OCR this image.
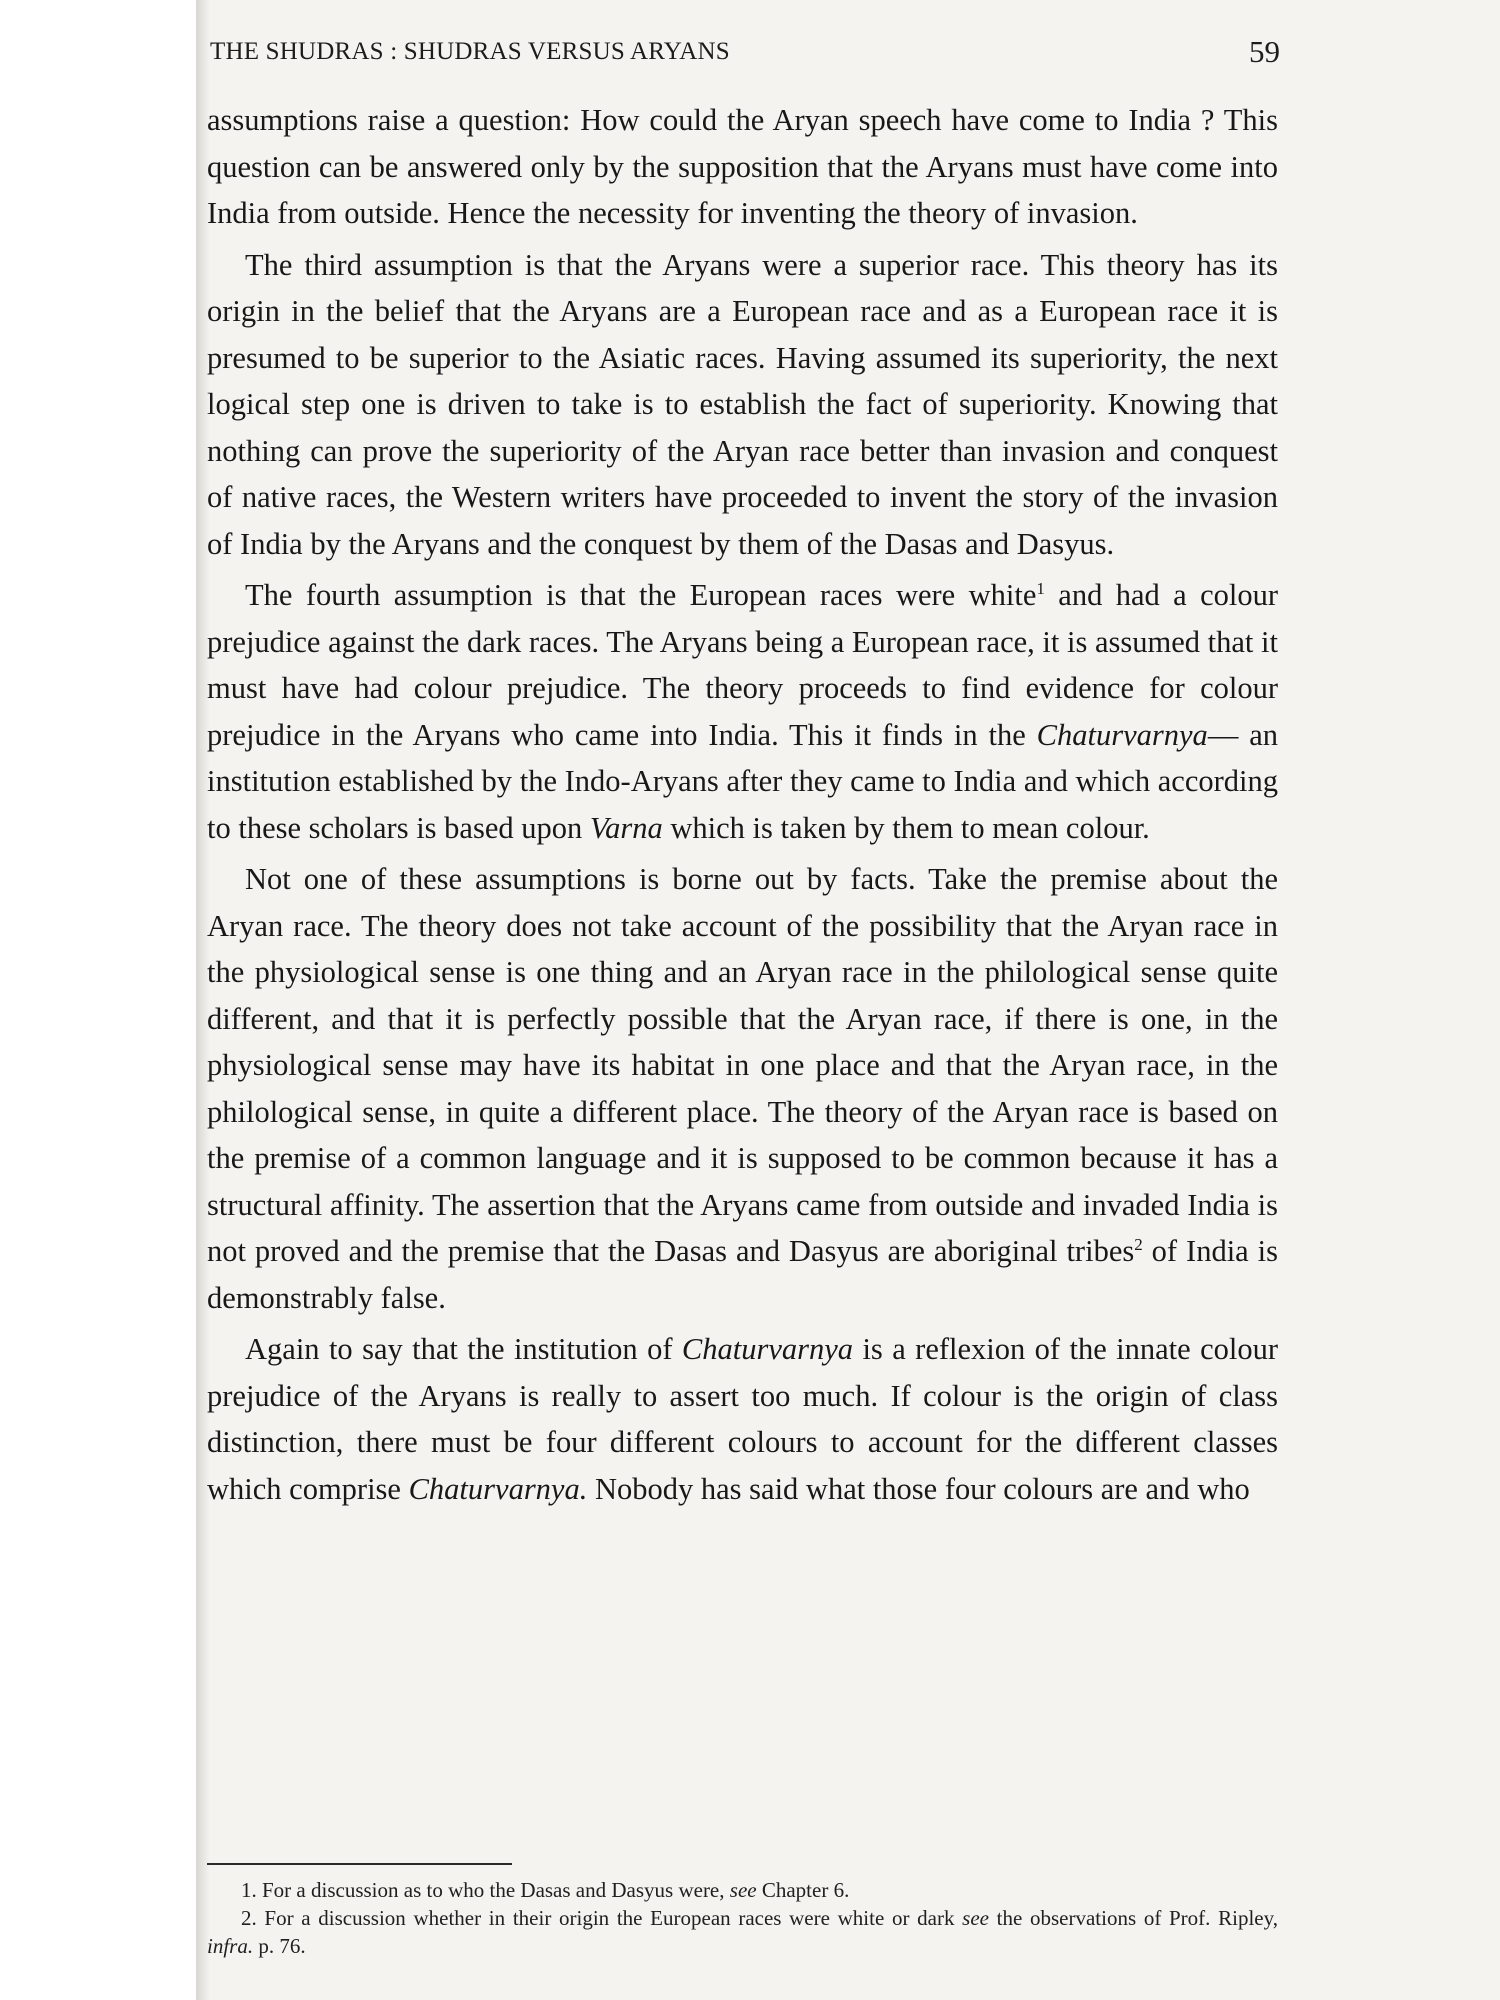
THE SHUDRAS : SHUDRAS VERSUS ARYANS	59

assumptions raise a question: How could the Aryan speech have come to India ? This question can be answered only by the supposition that the Aryans must have come into India from outside. Hence the necessity for inventing the theory of invasion.

The third assumption is that the Aryans were a superior race. This theory has its origin in the belief that the Aryans are a European race and as a European race it is presumed to be superior to the Asiatic races. Having assumed its superiority, the next logical step one is driven to take is to establish the fact of superiority. Knowing that nothing can prove the superiority of the Aryan race better than invasion and conquest of native races, the Western writers have proceeded to invent the story of the invasion of India by the Aryans and the conquest by them of the Dasas and Dasyus.

The fourth assumption is that the European races were white$^1$ and had a colour prejudice against the dark races. The Aryans being a European race, it is assumed that it must have had colour prejudice. The theory proceeds to find evidence for colour prejudice in the Aryans who came into India. This it finds in the Chaturvarnya— an institution established by the Indo-Aryans after they came to India and which according to these scholars is based upon Varna which is taken by them to mean colour.

Not one of these assumptions is borne out by facts. Take the premise about the Aryan race. The theory does not take account of the possibility that the Aryan race in the physiological sense is one thing and an Aryan race in the philological sense quite different, and that it is perfectly possible that the Aryan race, if there is one, in the physiological sense may have its habitat in one place and that the Aryan race, in the philological sense, in quite a different place. The theory of the Aryan race is based on the premise of a common language and it is supposed to be common because it has a structural affinity. The assertion that the Aryans came from outside and invaded India is not proved and the premise that the Dasas and Dasyus are aboriginal tribes$^2$ of India is demonstrably false.

Again to say that the institution of Chaturvarnya is a reflexion of the innate colour prejudice of the Aryans is really to assert too much. If colour is the origin of class distinction, there must be four different colours to account for the different classes which comprise Chaturvarnya. Nobody has said what those four colours are and who

1. For a discussion as to who the Dasas and Dasyus were, see Chapter 6.

2. For a discussion whether in their origin the European races were white or dark see the observations of Prof. Ripley, infra. p. 76.
